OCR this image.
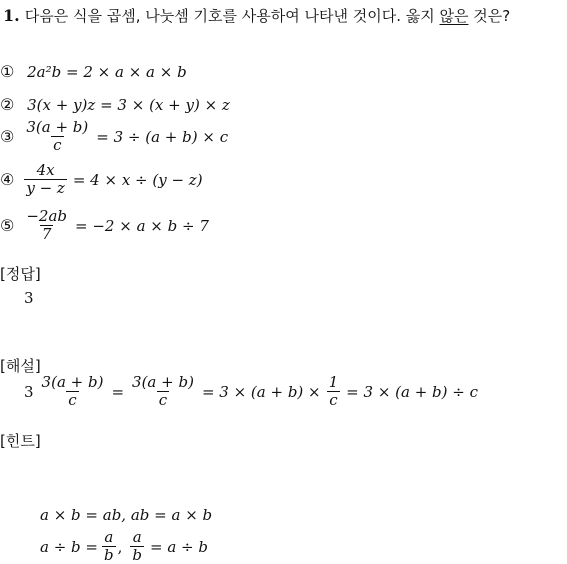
1. 다음은 식을 곱셈, 나눗셈 기호를 사용하여 나타낸 것이다. 옳지 않은 것은?
① 2a²b = 2 × a × a × b
② 3(x + y)z = 3 × (x + y) × z
③ $\frac{3(a + b)}{c} = 3 \div (a + b) \times c$
④ $\frac{4x}{y - z} = 4 \times x \div (y - z)$
⑤ $\frac{-2ab}{7} = -2 \times a \times b \div 7$
[정답]
3
[해설]
$3 \frac{3(a + b)}{c} = \frac{3(a + b)}{c} = 3 \times (a + b) \times \frac{1}{c} = 3 \times (a + b) \div c$
[힌트]
a × b = ab, ab = a × b
$a \div b = \frac{a}{b}$ , $\frac{a}{b} = a \div b$
